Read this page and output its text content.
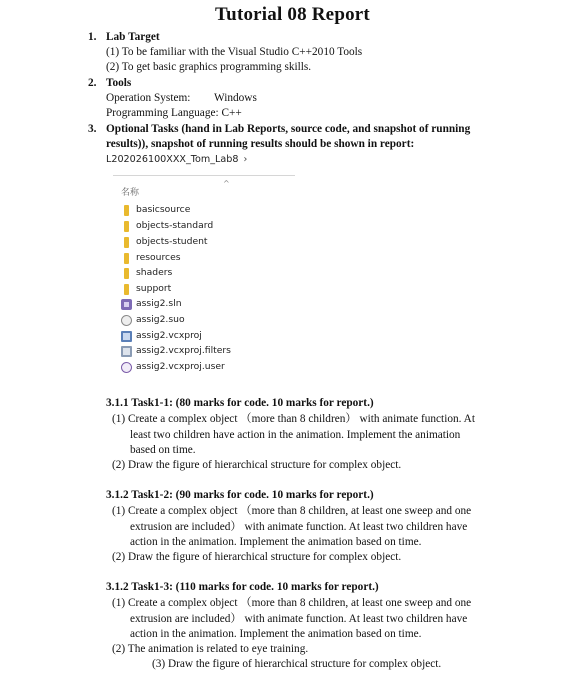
Tutorial 08 Report
1. Lab Target
(1) To be familiar with the Visual Studio C++2010 Tools
(2) To get basic graphics programming skills.
2. Tools
Operation System: Windows
Programming Language: C++
3. Optional Tasks (hand in Lab Reports, source code, and snapshot of running
results)), snapshot of running results should be shown in report:
L202026100XXX_Tom_Lab8 ›
^
名称
basicsource
objects-standard
objects-student
resources
shaders
support
assig2.sln
assig2.suo
assig2.vcxproj
assig2.vcxproj.filters
assig2.vcxproj.user
3.1.1 Task1-1: (80 marks for code. 10 marks for report.)
(1) Create a complex object （more than 8 children） with animate function. At
least two children have action in the animation. Implement the animation
based on time.
(2) Draw the figure of hierarchical structure for complex object.
3.1.2 Task1-2: (90 marks for code. 10 marks for report.)
(1) Create a complex object （more than 8 children, at least one sweep and one
extrusion are included） with animate function. At least two children have
action in the animation. Implement the animation based on time.
(2) Draw the figure of hierarchical structure for complex object.
3.1.2 Task1-3: (110 marks for code. 10 marks for report.)
(1) Create a complex object （more than 8 children, at least one sweep and one
extrusion are included） with animate function. At least two children have
action in the animation. Implement the animation based on time.
(2) The animation is related to eye training.
(3) Draw the figure of hierarchical structure for complex object.
